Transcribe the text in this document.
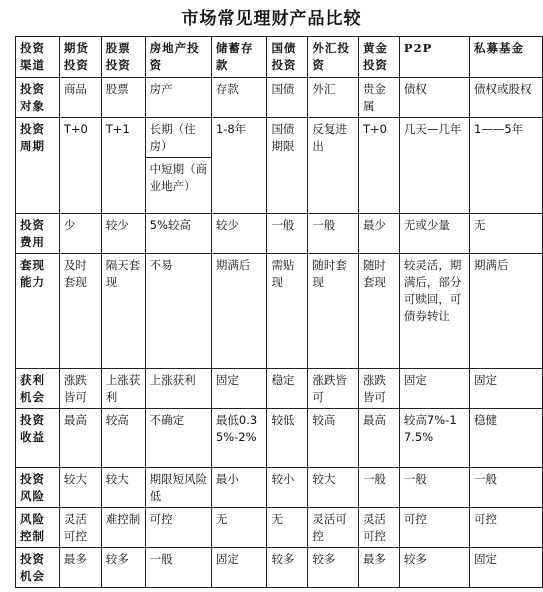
市场常见理财产品比较
投资渠道	期货投资	股票投资	房地产投资	储蓄存款	国债投资	外汇投资	黄金投资	P2P	私募基金
投资对象	商品	股票	房产	存款	国债	外汇	贵金属	债权	债权或股权
投资周期	T+0	T+1	长期（住房）	1-8年	国债期限	反复进出	T+0	几天—几年	1——5年
			中短期（商业地产）						
投资费用	少	较少	5%较高	较少	一般	一般	最少	无或少量	无
套现能力	及时套现	隔天套现	不易	期满后	需贴现	随时套现	随时套现	较灵活，期满后，部分可赎回，可债券转让	期满后
获利机会	涨跌皆可	上涨获利	上涨获利	固定	稳定	涨跌皆可	涨跌皆可	固定	固定
投资收益	最高	较高	不确定	最低0.35%-2%	较低	较高	最高	较高7%-17.5%	稳健
投资风险	较大	较大	期限短风险低	最小	较小	较大	一般	一般	一般
风险控制	灵活可控	难控制	可控	无	无	灵活可控	灵活可控	可控	可控
投资机会	最多	较多	一般	固定	较多	较多	最多	较多	固定
